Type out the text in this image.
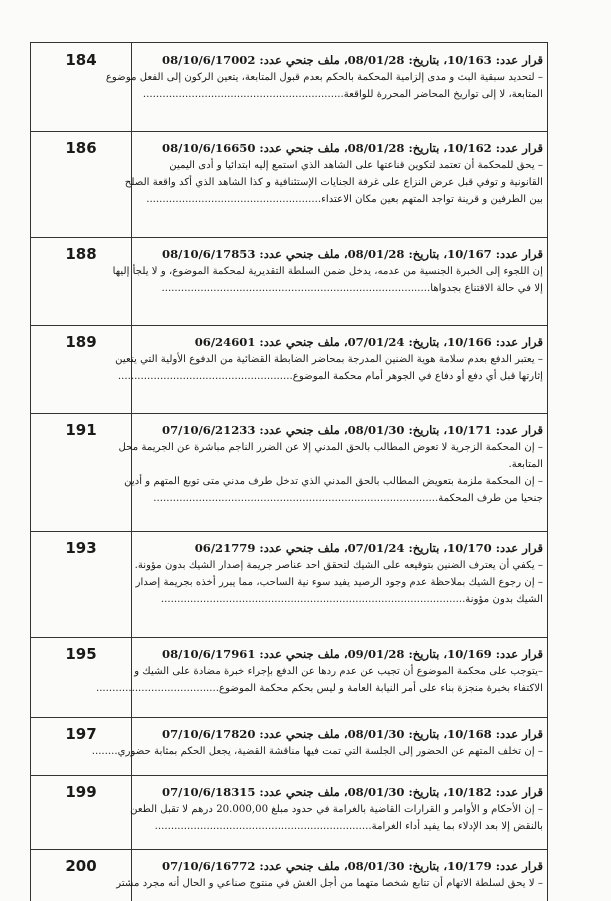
184	قرار عدد: 10/163، بتاريخ: 08/01/28، ملف جنحي عدد: 08/10/6/17002
– لتحديد سبقية البث و مدى إلزامية المحكمة بالحكم بعدم قبول المتابعة، يتعين الركون إلى الفعل موضوع
المتابعة، لا إلى تواريخ المحاضر المحررة للواقعة..............................................................
186	قرار عدد: 10/162، بتاريخ: 08/01/28، ملف جنحي عدد: 08/10/6/16650
– يحق للمحكمة أن تعتمد لتكوين قناعتها على الشاهد الذي استمع إليه ابتدائيا و أدى اليمين
القانونية و توفي قبل عرض النزاع على غرفة الجنايات الإستئنافية و كذا الشاهد الذي أكد واقعة الصلح
بين الطرفين و قرينة تواجد المتهم بعين مكان الاعتداء......................................................
188	قرار عدد: 10/167، بتاريخ: 08/01/28، ملف جنحي عدد: 08/10/6/17853
إن اللجوء إلى الخبرة الجنسية من عدمه، يدخل ضمن السلطة التقديرية لمحكمة الموضوع، و لا يلجأ إليها
إلا في حالة الاقتناع بجدواها...................................................................................
189	قرار عدد: 10/166، بتاريخ: 07/01/24، ملف جنحي عدد: 06/24601
– يعتبر الدفع بعدم سلامة هوية الضنين المدرجة بمحاضر الضابطة القضائية من الدفوع الأولية التي يتعين
إثارتها قبل أي دفع أو دفاع في الجوهر أمام محكمة الموضوع......................................................
191	قرار عدد: 10/171، بتاريخ: 08/01/30، ملف جنحي عدد: 07/10/6/21233
– إن المحكمة الزجرية لا تعوض المطالب بالحق المدني إلا عن الضرر الناجم مباشرة عن الجريمة محل
المتابعة.
– إن المحكمة ملزمة بتعويض المطالب بالحق المدني الذي تدخل طرف مدني متى توبع المتهم و أدين
جنحيا من طرف المحكمة........................................................................................
193	قرار عدد: 10/170، بتاريخ: 07/01/24، ملف جنحي عدد: 06/21779
– يكفي أن يعترف الضنين بتوقيعه على الشيك لتحقق احد عناصر جريمة إصدار الشيك بدون مؤونة.
– إن رجوع الشيك بملاحظة عدم وجود الرصيد يفيد سوء نية الساحب، مما يبرر أخذه بجريمة إصدار
الشيك بدون مؤونة..............................................................................................
195	قرار عدد: 10/169، بتاريخ: 09/01/28، ملف جنحي عدد: 08/10/6/17961
–يتوجب على محكمة الموضوع أن تجيب عن عدم ردها عن الدفع بإجراء خبرة مضادة على الشيك و
الاكتفاء بخبرة منجزة بناء على أمر النيابة العامة و ليس بحكم محكمة الموضوع......................................
197	قرار عدد: 10/168، بتاريخ: 08/01/30، ملف جنحي عدد: 07/10/6/17820
– إن تخلف المتهم عن الحضور إلى الجلسة التي تمت فيها مناقشة القضية، يجعل الحكم بمثابة حضوري........
199	قرار عدد: 10/182، بتاريخ: 08/01/30، ملف جنحي عدد: 07/10/6/18315
– إن الأحكام و الأوامر و القرارات القاضية بالغرامة في حدود مبلغ 20.000,00 درهم لا تقبل الطعن
بالنقض إلا بعد الإدلاء بما يفيد أداء الغرامة...................................................................
200	قرار عدد: 10/179، بتاريخ: 08/01/30، ملف جنحي عدد: 07/10/6/16772
– لا يحق لسلطة الاتهام أن تتابع شخصا متهما من أجل الغش في منتوج صناعي و الحال أنه مجرد مشتر
